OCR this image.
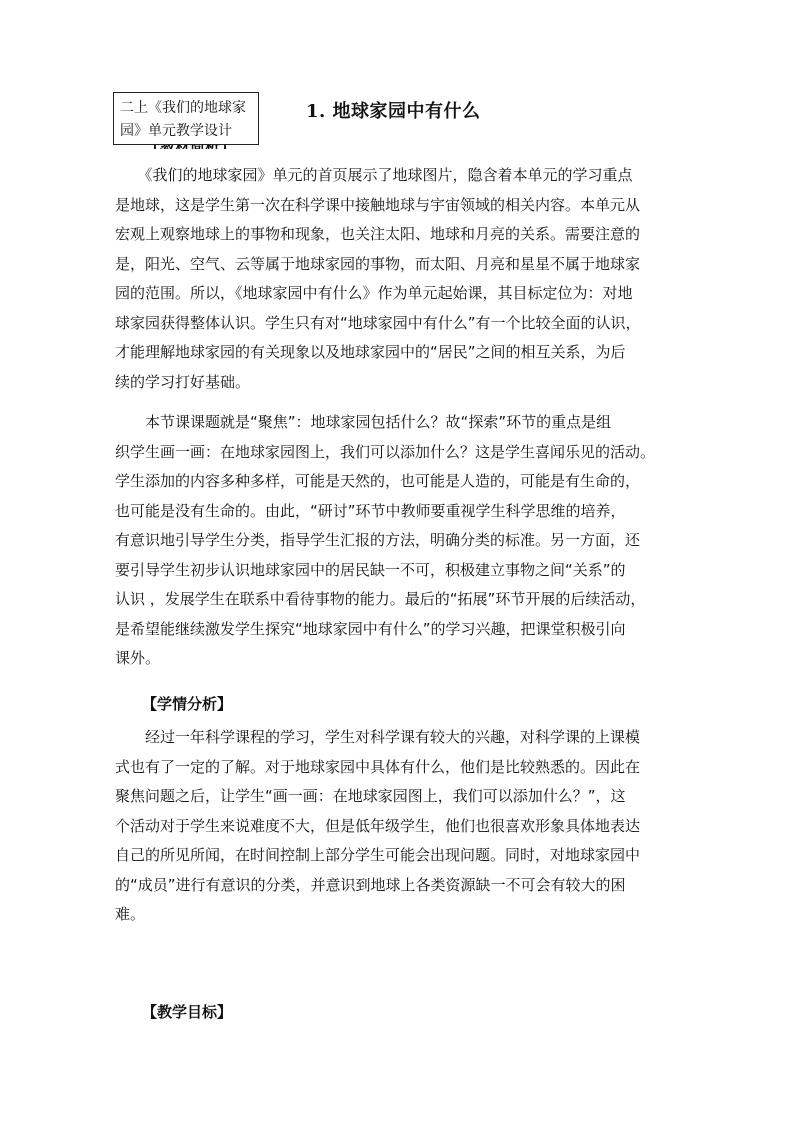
二上《我们的地球家
园》单元教学设计
1. 地球家园中有什么
　　《我们的地球家园》单元的首页展示了地球图片，隐含着本单元的学习重点
是地球，这是学生第一次在科学课中接触地球与宇宙领域的相关内容。本单元从
宏观上观察地球上的事物和现象，也关注太阳、地球和月亮的关系。需要注意的
是，阳光、空气、云等属于地球家园的事物，而太阳、月亮和星星不属于地球家
园的范围。所以，《地球家园中有什么》作为单元起始课，其目标定位为：对地
球家园获得整体认识。学生只有对“地球家园中有什么”有一个比较全面的认识，
才能理解地球家园的有关现象以及地球家园中的“居民”之间的相互关系，为后
续的学习打好基础。
　　本节课课题就是“聚焦”：地球家园包括什么？故“探索”环节的重点是组
织学生画一画：在地球家园图上，我们可以添加什么？这是学生喜闻乐见的活动。
学生添加的内容多种多样，可能是天然的，也可能是人造的，可能是有生命的，
也可能是没有生命的。由此，“研讨”环节中教师要重视学生科学思维的培养，
有意识地引导学生分类，指导学生汇报的方法，明确分类的标准。另一方面，还
要引导学生初步认识地球家园中的居民缺一不可，积极建立事物之间“关系”的
认识 ，发展学生在联系中看待事物的能力。最后的“拓展”环节开展的后续活动，
是希望能继续激发学生探究“地球家园中有什么”的学习兴趣，把课堂积极引向
课外。
【学情分析】
　　经过一年科学课程的学习，学生对科学课有较大的兴趣，对科学课的上课模
式也有了一定的了解。对于地球家园中具体有什么，他们是比较熟悉的。因此在
聚焦问题之后，让学生“画一画：在地球家园图上，我们可以添加什么？”，这
个活动对于学生来说难度不大，但是低年级学生，他们也很喜欢形象具体地表达
自己的所见所闻，在时间控制上部分学生可能会出现问题。同时，对地球家园中
的“成员”进行有意识的分类，并意识到地球上各类资源缺一不可会有较大的困
难。
【教学目标】
